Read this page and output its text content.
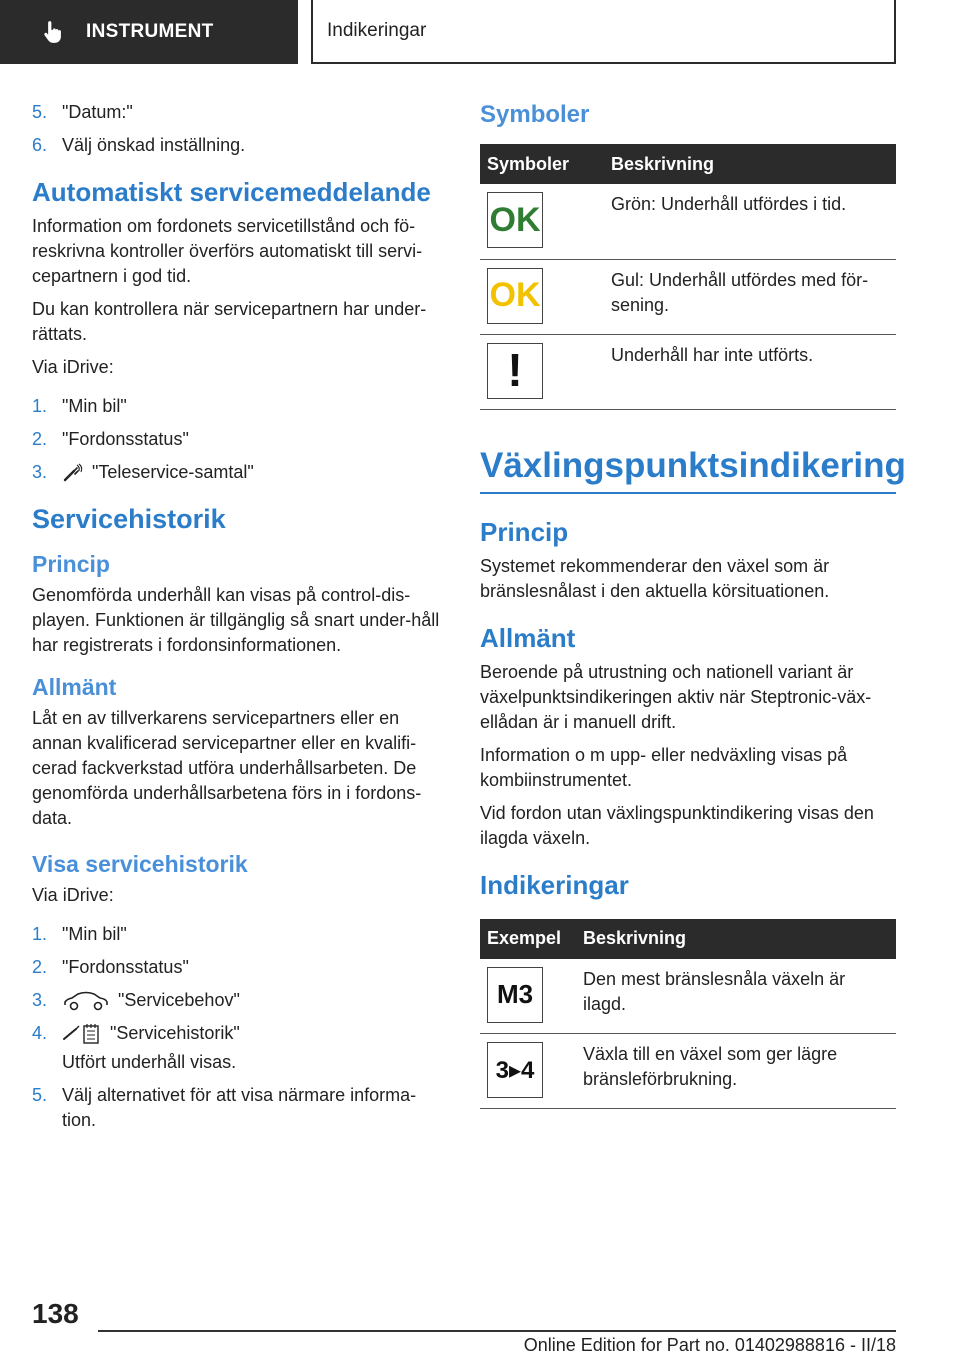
INSTRUMENT	Indikeringar
5. "Datum:"
6. Välj önskad inställning.
Automatiskt servicemeddelande
Information om fordonets servicetillstånd och fö-reskrivna kontroller överförs automatiskt till servi-cepartnern i god tid.
Du kan kontrollera när servicepartnern har under-rättats.
Via iDrive:
1. "Min bil"
2. "Fordonsstatus"
3.	"Teleservice-samtal"
Servicehistorik
Princip
Genomförda underhåll kan visas på control-dis-playen. Funktionen är tillgänglig så snart under-håll har registrerats i fordonsinformationen.
Allmänt
Låt en av tillverkarens servicepartners eller en annan kvalificerad servicepartner eller en kvalifi-cerad fackverkstad utföra underhållsarbeten. De genomförda underhållsarbetena förs in i fordons-data.
Visa servicehistorik
Via iDrive:
1. "Min bil"
2. "Fordonsstatus"
3.	"Servicebehov"
4.	"Servicehistorik"
Utfört underhåll visas.
5. Välj alternativet för att visa närmare informa-tion.
Symboler
Symboler	Beskrivning

OK	Grön: Underhåll utfördes i tid.

OK	Gul: Underhåll utfördes med för-sening.

!	Underhåll har inte utförts.
Växlingspunktsindikering
Princip
Systemet rekommenderar den växel som är bränslesnålast i den aktuella körsituationen.
Allmänt
Beroende på utrustning och nationell variant är växelpunktsindikeringen aktiv när Steptronic-väx-ellådan är i manuell drift.
Information o m upp- eller nedväxling visas på kombiinstrumentet.
Vid fordon utan växlingspunktindikering visas den ilagda växeln.
Indikeringar
Exempel	Beskrivning

M3	Den mest bränslesnåla växeln är ilagd.

3▸4	Växla till en växel som ger lägre bränsleförbrukning.
138
Online Edition for Part no. 01402988816 - II/18
